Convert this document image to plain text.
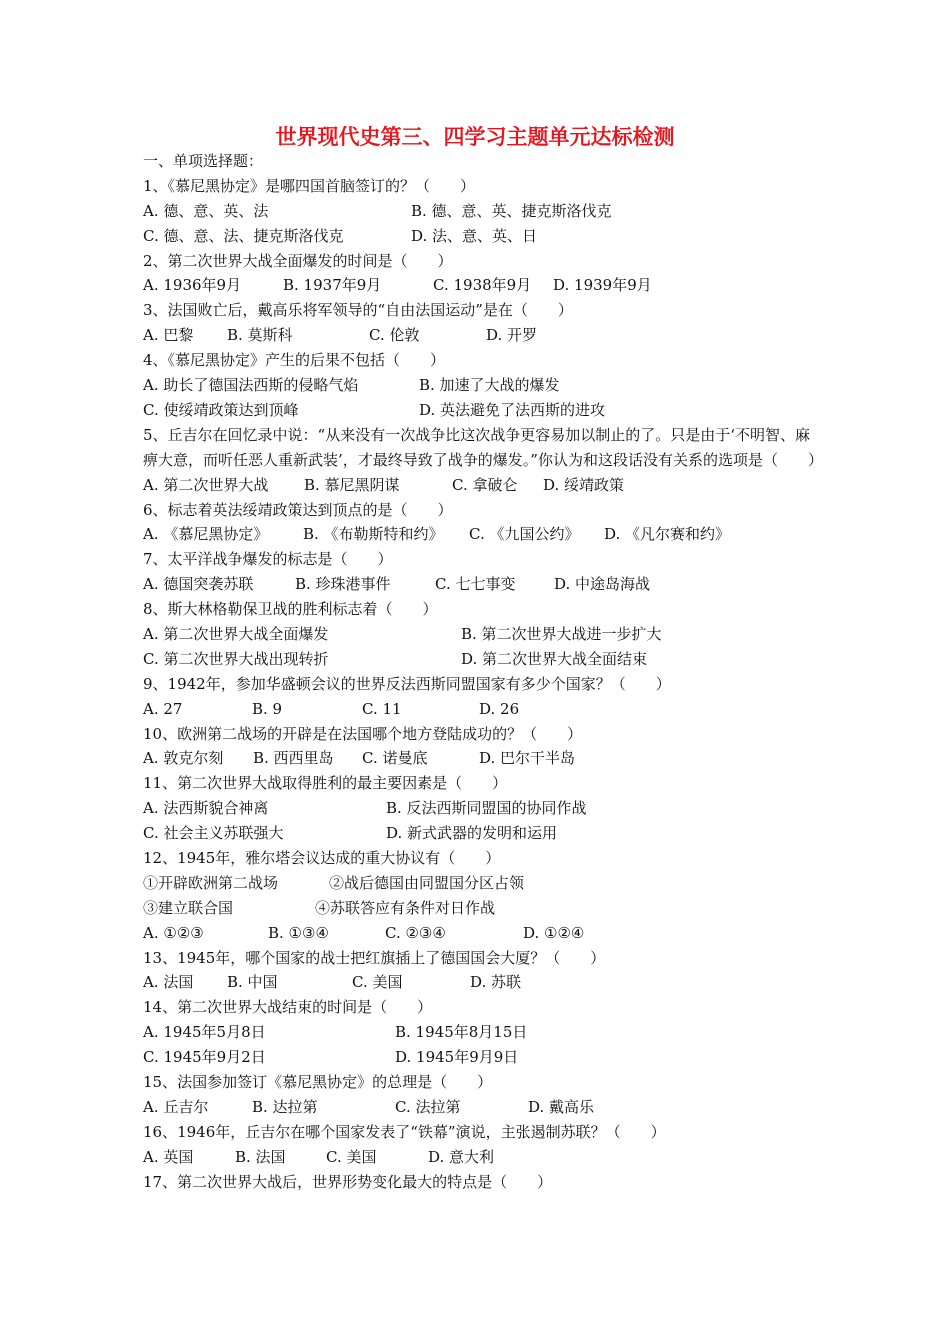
世界现代史第三、四学习主题单元达标检测
一、单项选择题：
1、《慕尼黑协定》是哪四国首脑签订的？（　　）
A. 德、意、英、法	B. 德、意、英、捷克斯洛伐克
C. 德、意、法、捷克斯洛伐克	D. 法、意、英、日
2、第二次世界大战全面爆发的时间是（　　）
A. 1936年9月	B. 1937年9月	C. 1938年9月 D. 1939年9月
3、法国败亡后，戴高乐将军领导的“自由法国运动”是在（　　）
A. 巴黎 B. 莫斯科	C. 伦敦	D. 开罗
4、《慕尼黑协定》产生的后果不包括（　　）
A. 助长了德国法西斯的侵略气焰	B. 加速了大战的爆发
C. 使绥靖政策达到顶峰	D. 英法避免了法西斯的进攻
5、丘吉尔在回忆录中说：“从来没有一次战争比这次战争更容易加以制止的了。只是由于‘不明智、麻痹大意，而听任恶人重新武装’，才最终导致了战争的爆发。”你认为和这段话没有关系的选项是（　　）
A. 第二次世界大战 B. 慕尼黑阴谋	C. 拿破仑 D. 绥靖政策
6、标志着英法绥靖政策达到顶点的是（　　）
A. 《慕尼黑协定》 B. 《布勒斯特和约》 C. 《九国公约》 D. 《凡尔赛和约》
7、太平洋战争爆发的标志是（　　）
A. 德国突袭苏联	B. 珍珠港事件	C. 七七事变	D. 中途岛海战
8、斯大林格勒保卫战的胜利标志着（　　）
A. 第二次世界大战全面爆发	B. 第二次世界大战进一步扩大
C. 第二次世界大战出现转折	D. 第二次世界大战全面结束
9、1942年，参加华盛顿会议的世界反法西斯同盟国家有多少个国家？（　　）
A. 27	B. 9	C. 11	D. 26
10、欧洲第二战场的开辟是在法国哪个地方登陆成功的？（　　）
A. 敦克尔刻 B. 西西里岛 C. 诺曼底	D. 巴尔干半岛
11、第二次世界大战取得胜利的最主要因素是（　　）
A. 法西斯貌合神离	B. 反法西斯同盟国的协同作战
C. 社会主义苏联强大	D. 新式武器的发明和运用
12、1945年，雅尔塔会议达成的重大协议有（　　）
①开辟欧洲第二战场	②战后德国由同盟国分区占领
③建立联合国	④苏联答应有条件对日作战
A. ①②③	B. ①③④	C. ②③④	D. ①②④
13、1945年，哪个国家的战士把红旗插上了德国国会大厦？（　　）
A. 法国 B. 中国	C. 美国	D. 苏联
14、第二次世界大战结束的时间是（　　）
A. 1945年5月8日	B. 1945年8月15日
C. 1945年9月2日	D. 1945年9月9日
15、法国参加签订《慕尼黑协定》的总理是（　　）
A. 丘吉尔	B. 达拉第	C. 法拉第	D. 戴高乐
16、1946年，丘吉尔在哪个国家发表了“铁幕”演说，主张遏制苏联？（　　）
A. 英国	B. 法国	C. 美国	D. 意大利
17、第二次世界大战后，世界形势变化最大的特点是（　　）
